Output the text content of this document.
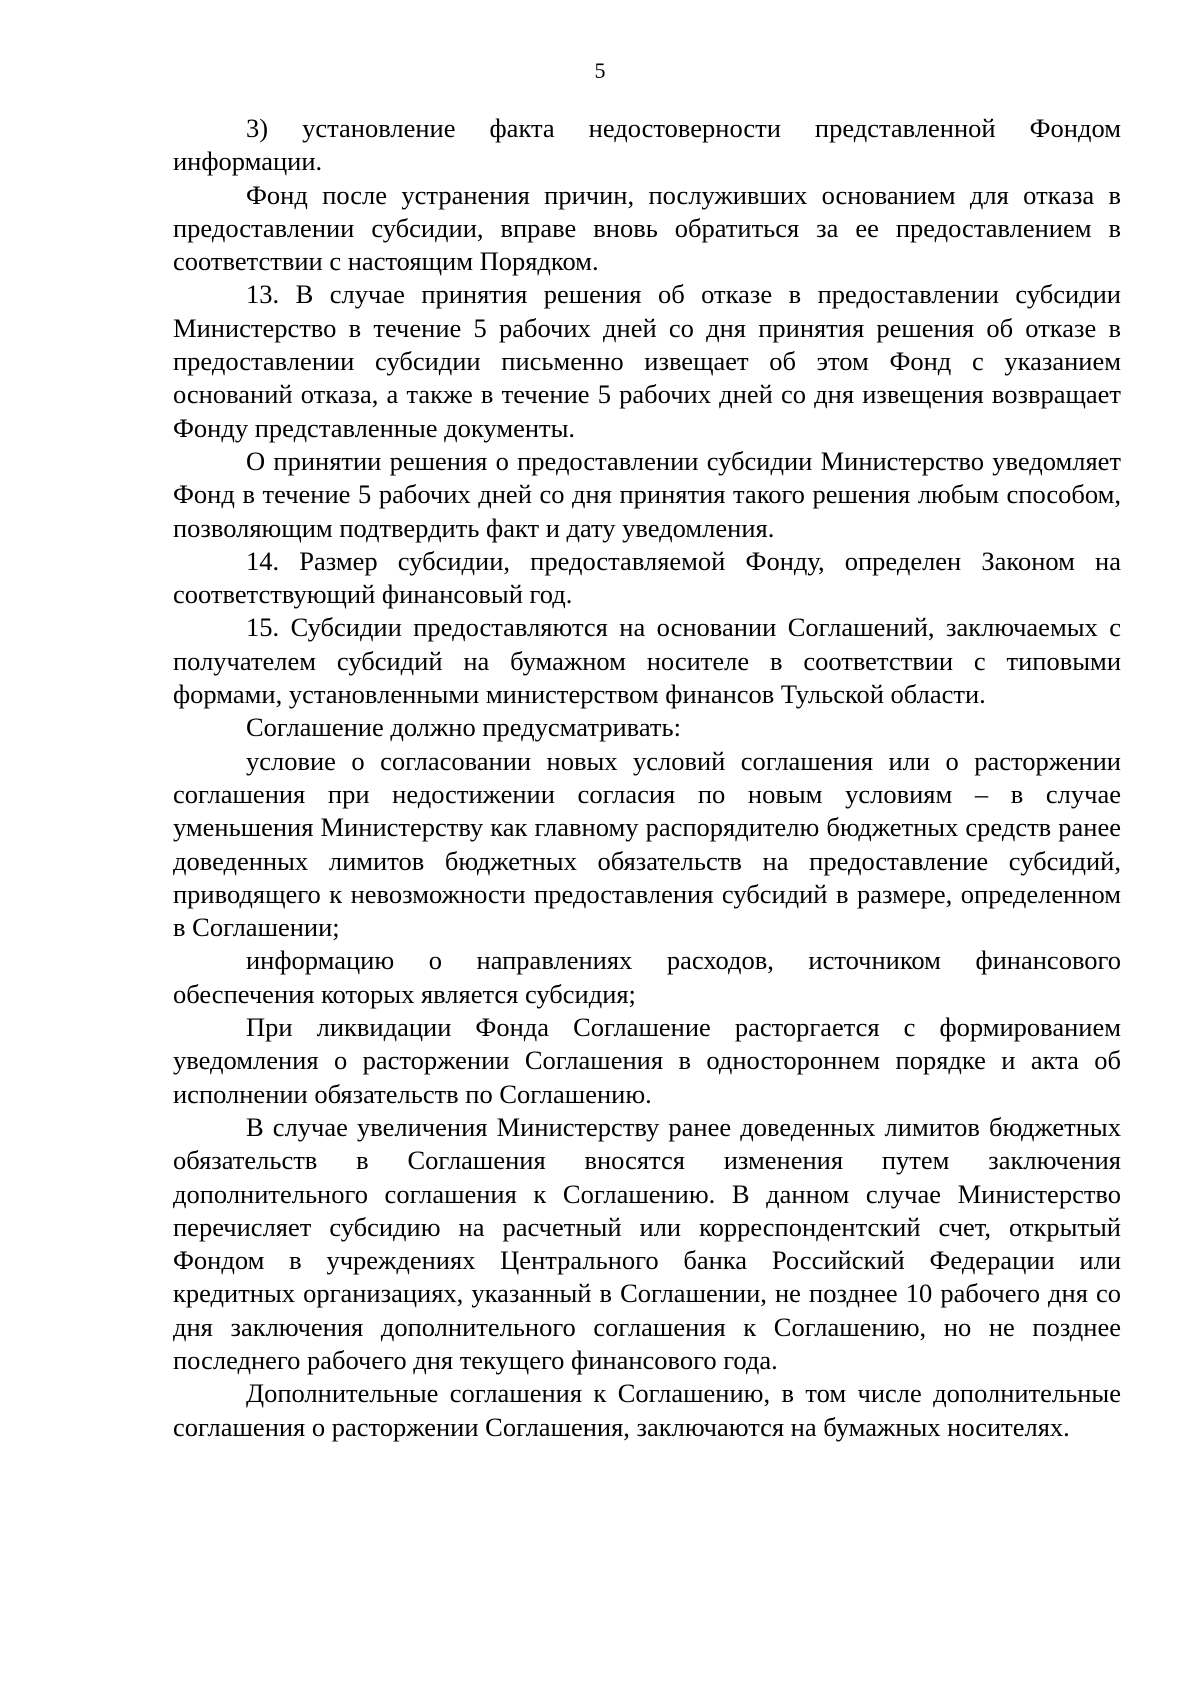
5

3) установление факта недостоверности представленной Фондом информации.

Фонд после устранения причин, послуживших основанием для отказа в предоставлении субсидии, вправе вновь обратиться за ее предоставлением в соответствии с настоящим Порядком.

13. В случае принятия решения об отказе в предоставлении субсидии Министерство в течение 5 рабочих дней со дня принятия решения об отказе в предоставлении субсидии письменно извещает об этом Фонд с указанием оснований отказа, а также в течение 5 рабочих дней со дня извещения возвращает Фонду представленные документы.

О принятии решения о предоставлении субсидии Министерство уведомляет Фонд в течение 5 рабочих дней со дня принятия такого решения любым способом, позволяющим подтвердить факт и дату уведомления.

14. Размер субсидии, предоставляемой Фонду, определен Законом на соответствующий финансовый год.

15. Субсидии предоставляются на основании Соглашений, заключаемых с получателем субсидий на бумажном носителе в соответствии с типовыми формами, установленными министерством финансов Тульской области.

Соглашение должно предусматривать:

условие о согласовании новых условий соглашения или о расторжении соглашения при недостижении согласия по новым условиям – в случае уменьшения Министерству как главному распорядителю бюджетных средств ранее доведенных лимитов бюджетных обязательств на предоставление субсидий, приводящего к невозможности предоставления субсидий в размере, определенном в Соглашении;

информацию о направлениях расходов, источником финансового обеспечения которых является субсидия;

При ликвидации Фонда Соглашение расторгается с формированием уведомления о расторжении Соглашения в одностороннем порядке и акта об исполнении обязательств по Соглашению.

В случае увеличения Министерству ранее доведенных лимитов бюджетных обязательств в Соглашения вносятся изменения путем заключения дополнительного соглашения к Соглашению. В данном случае Министерство перечисляет субсидию на расчетный или корреспондентский счет, открытый Фондом в учреждениях Центрального банка Российский Федерации или кредитных организациях, указанный в Соглашении, не позднее 10 рабочего дня со дня заключения дополнительного соглашения к Соглашению, но не позднее последнего рабочего дня текущего финансового года.

Дополнительные соглашения к Соглашению, в том числе дополнительные соглашения о расторжении Соглашения, заключаются на бумажных носителях.
